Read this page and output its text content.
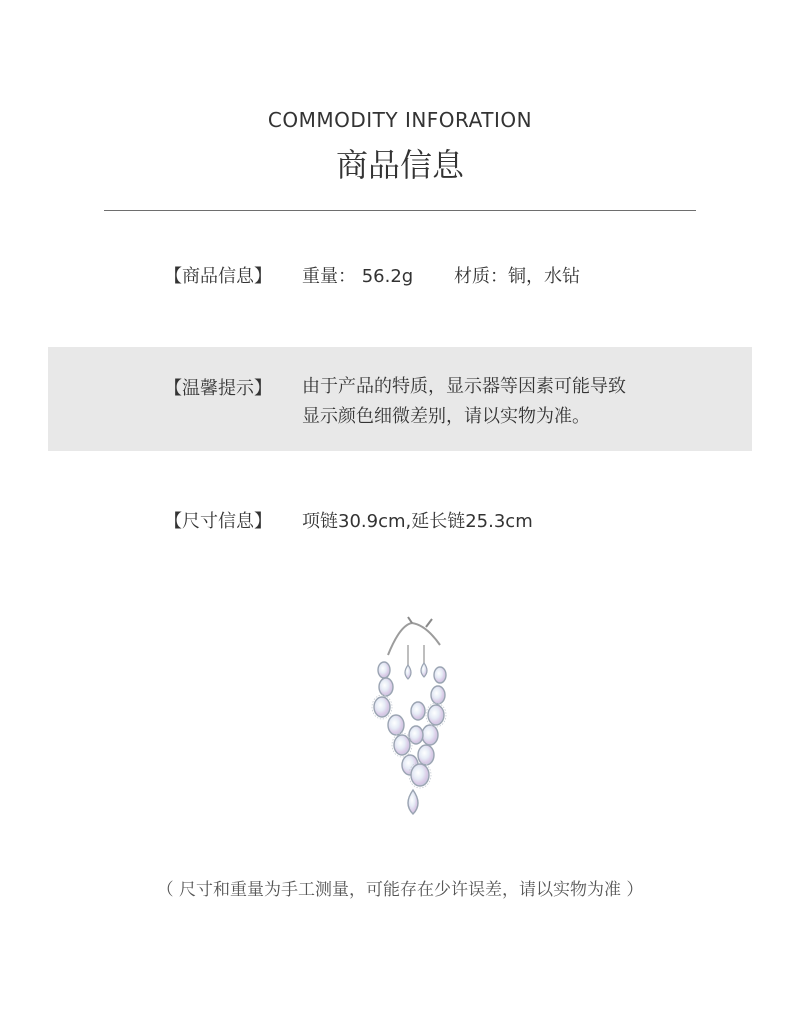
COMMODITY INFORATION
商品信息
【商品信息】 重量： 56.2g 材质：铜，水钻
【温馨提示】 由于产品的特质，显示器等因素可能导致
显示颜色细微差别，请以实物为准。
【尺寸信息】 项链30.9cm,延长链25.3cm
（ 尺寸和重量为手工测量，可能存在少许误差，请以实物为准 ）
